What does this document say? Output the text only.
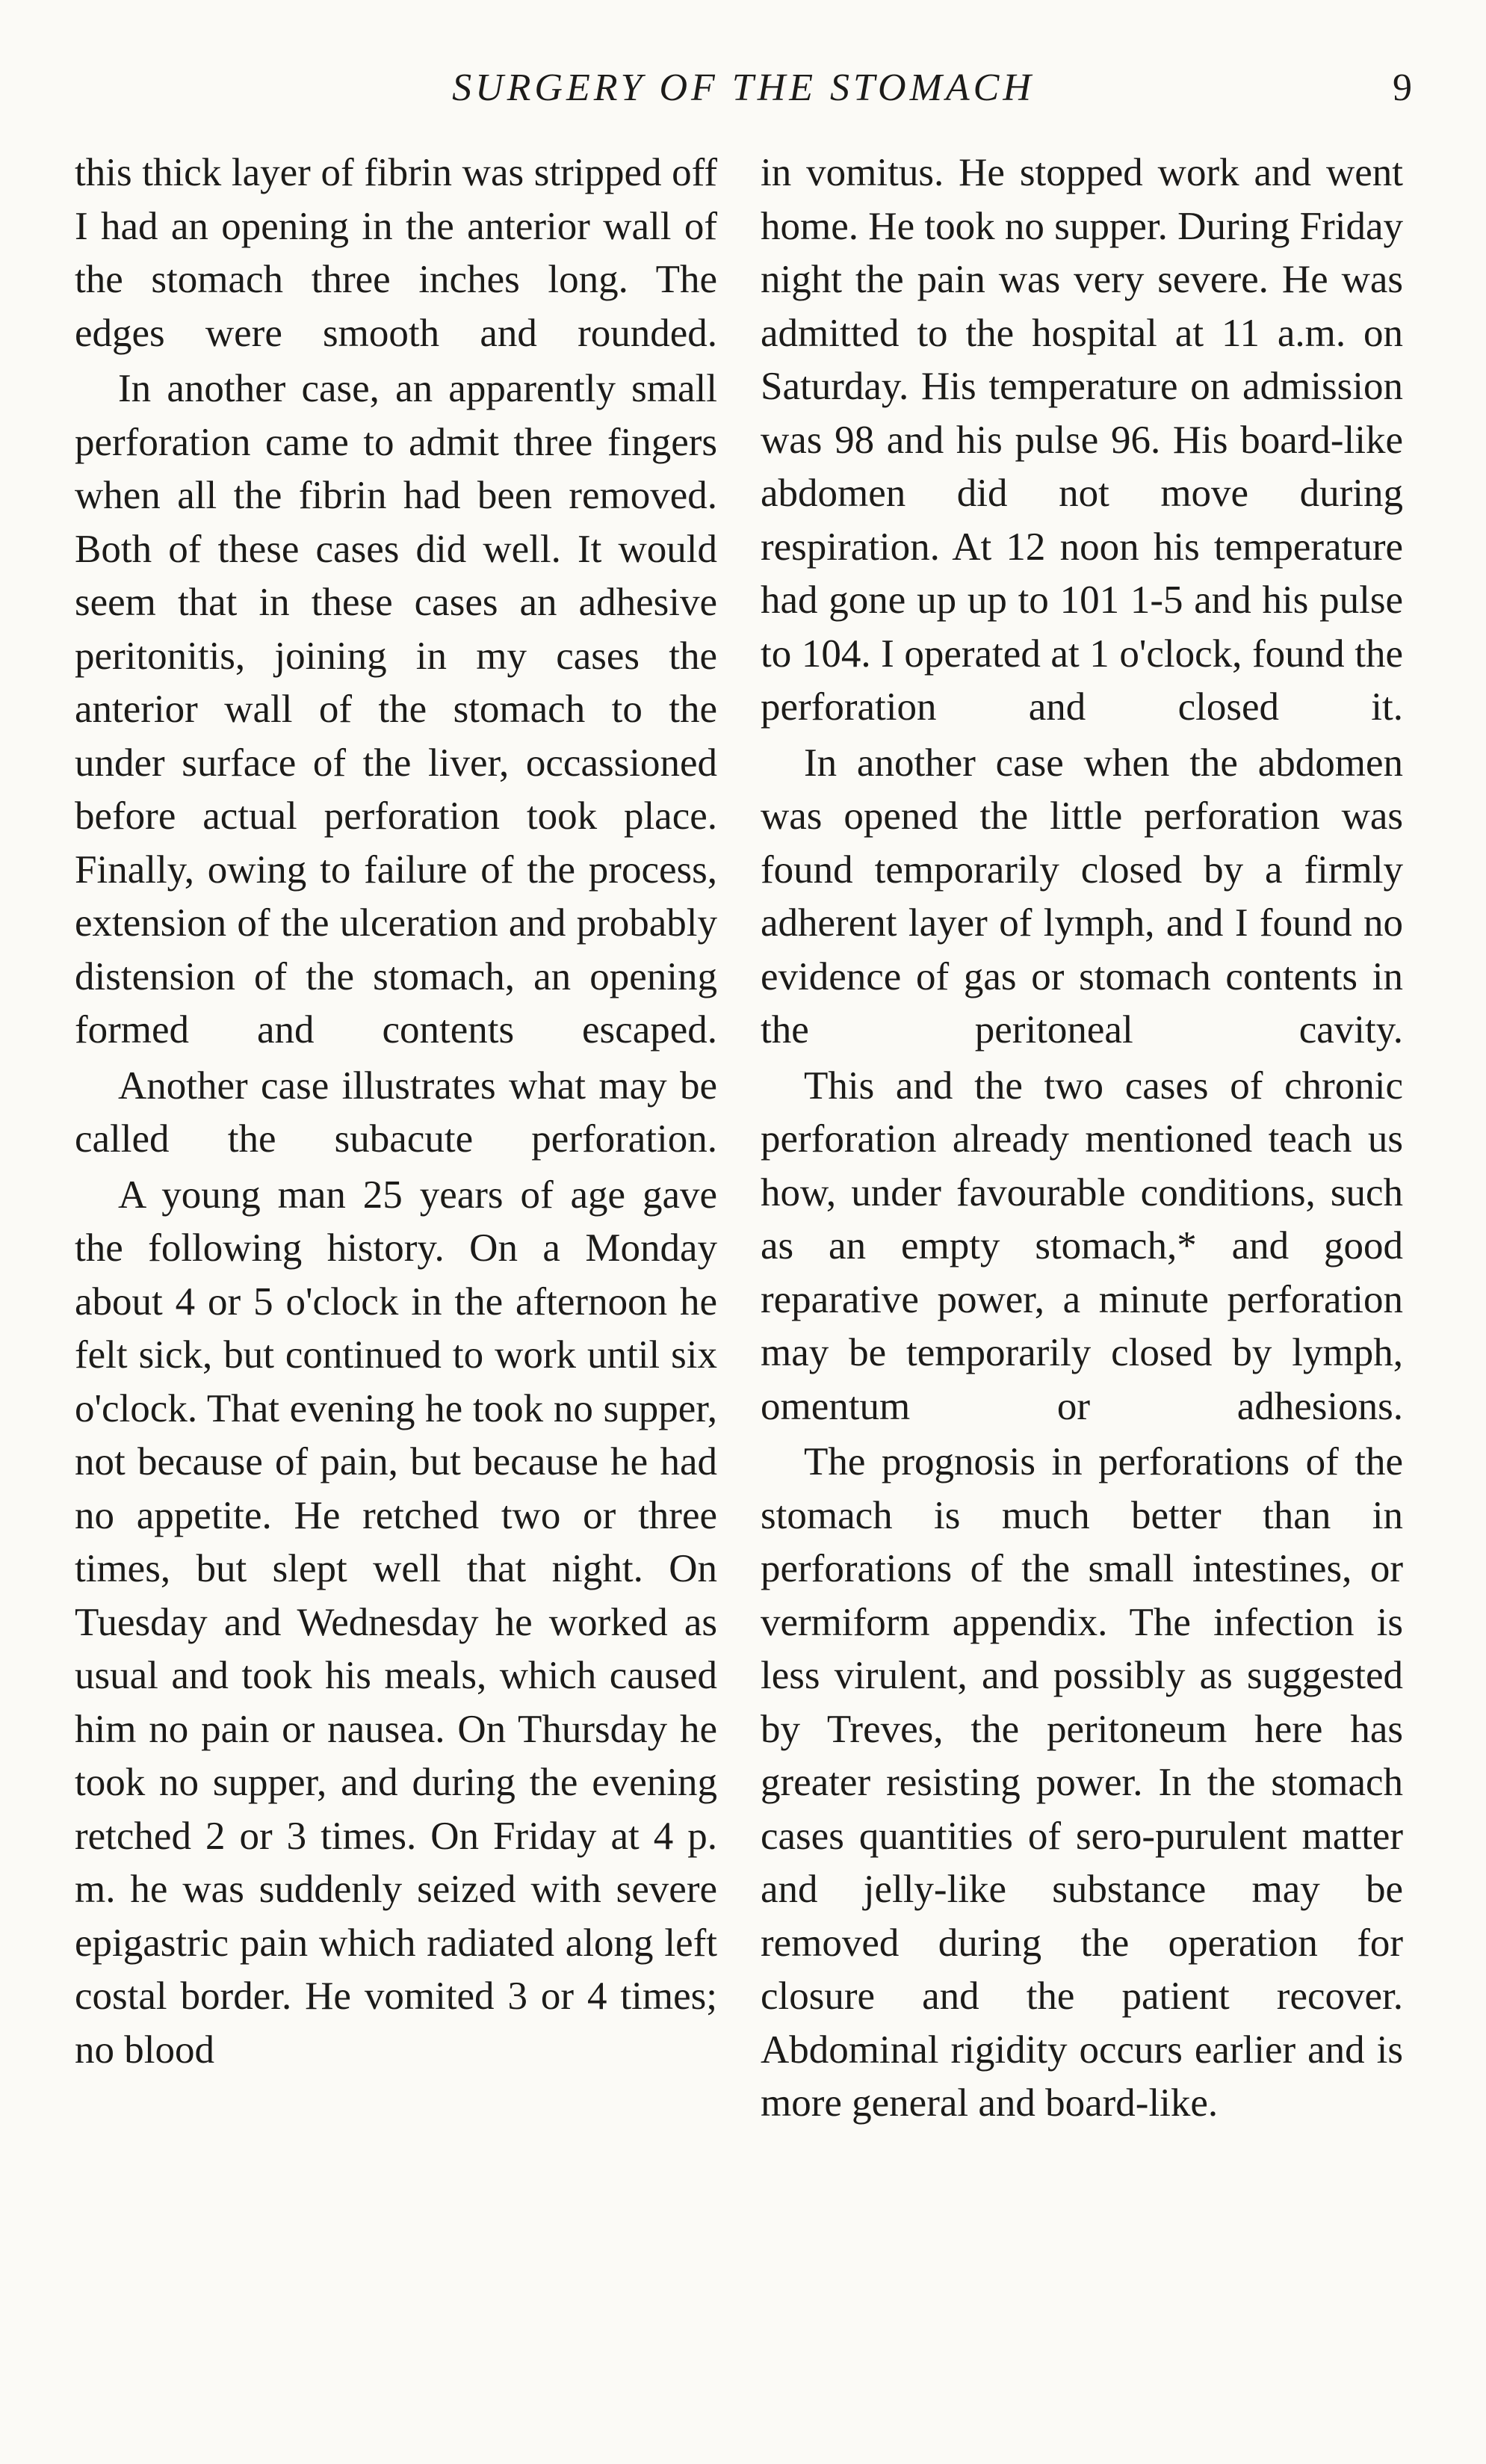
SURGERY OF THE STOMACH	9

this thick layer of fibrin was stripped off I had an opening in the anterior wall of the stomach three inches long. The edges were smooth and rounded.

In another case, an apparently small perforation came to admit three fingers when all the fibrin had been removed. Both of these cases did well. It would seem that in these cases an adhesive peritonitis, joining in my cases the anterior wall of the stomach to the under surface of the liver, occassioned before actual perforation took place. Finally, owing to failure of the process, extension of the ulceration and probably distension of the stomach, an opening formed and contents escaped.

Another case illustrates what may be called the subacute perforation.

A young man 25 years of age gave the following history. On a Monday about 4 or 5 o'clock in the afternoon he felt sick, but continued to work until six o'clock. That evening he took no supper, not because of pain, but because he had no appetite. He retched two or three times, but slept well that night. On Tuesday and Wednesday he worked as usual and took his meals, which caused him no pain or nausea. On Thursday he took no supper, and during the evening retched 2 or 3 times. On Friday at 4 p. m. he was suddenly seized with severe epigastric pain which radiated along left costal border. He vomited 3 or 4 times; no blood

in vomitus. He stopped work and went home. He took no supper. During Friday night the pain was very severe. He was admitted to the hospital at 11 a.m. on Saturday. His temperature on admission was 98 and his pulse 96. His board-like abdomen did not move during respiration. At 12 noon his temperature had gone up up to 101 1-5 and his pulse to 104. I operated at 1 o'clock, found the perforation and closed it.

In another case when the abdomen was opened the little perforation was found temporarily closed by a firmly adherent layer of lymph, and I found no evidence of gas or stomach contents in the peritoneal cavity.

This and the two cases of chronic perforation already mentioned teach us how, under favourable conditions, such as an empty stomach,* and good reparative power, a minute perforation may be temporarily closed by lymph, omentum or adhesions.

The prognosis in perforations of the stomach is much better than in perforations of the small intestines, or vermiform appendix. The infection is less virulent, and possibly as suggested by Treves, the peritoneum here has greater resisting power. In the stomach cases quantities of sero-purulent matter and jelly-like substance may be removed during the operation for closure and the patient recover. Abdominal rigidity occurs earlier and is more general and board-like.
